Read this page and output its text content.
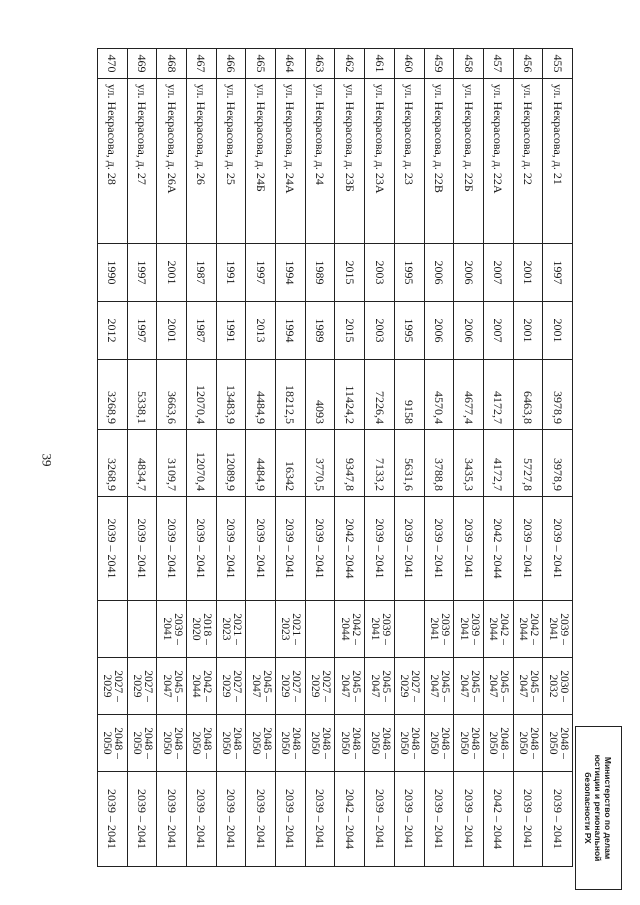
39
455	ул. Некрасова, д. 21	1997	2001	3978,9	3978,9	2039 – 2041	2039 – 2041	2030 – 2032	2048 – 2050	2039 – 2041
456	ул. Некрасова, д. 22	2001	2001	6463,8	5727,8	2039 – 2041	2042 – 2044	2045 – 2047	2048 – 2050	2039 – 2041
457	ул. Некрасова, д. 22А	2007	2007	4172,7	4172,7	2042 – 2044	2042 – 2044	2045 – 2047	2048 – 2050	2042 – 2044
458	ул. Некрасова, д. 22Б	2006	2006	4677,4	3435,3	2039 – 2041	2039 – 2041	2045 – 2047	2048 – 2050	2039 – 2041
459	ул. Некрасова, д. 22В	2006	2006	4570,4	3788,8	2039 – 2041	2039 – 2041	2045 – 2047	2048 – 2050	2039 – 2041
460	ул. Некрасова, д. 23	1995	1995	9158	5631,6	2039 – 2041		2027 – 2029	2048 – 2050	2039 – 2041
461	ул. Некрасова, д. 23А	2003	2003	7226,4	7133,2	2039 – 2041	2039 – 2041	2045 – 2047	2048 – 2050	2039 – 2041
462	ул. Некрасова, д. 23Б	2015	2015	11424,2	9347,8	2042 – 2044	2042 – 2044	2045 – 2047	2048 – 2050	2042 – 2044
463	ул. Некрасова, д. 24	1989	1989	4093	3770,5	2039 – 2041		2027 – 2029	2048 – 2050	2039 – 2041
464	ул. Некрасова, д. 24А	1994	1994	18212,5	16342	2039 – 2041	2021 – 2023	2027 – 2029	2048 – 2050	2039 – 2041
465	ул. Некрасова, д. 24Б	1997	2013	4484,9	4484,9	2039 – 2041		2045 – 2047	2048 – 2050	2039 – 2041
466	ул. Некрасова, д. 25	1991	1991	13483,9	12089,9	2039 – 2041	2021 – 2023	2027 – 2029	2048 – 2050	2039 – 2041
467	ул. Некрасова, д. 26	1987	1987	12070,4	12070,4	2039 – 2041	2018 – 2020	2042 – 2044	2048 – 2050	2039 – 2041
468	ул. Некрасова, д. 26А	2001	2001	3663,6	3109,7	2039 – 2041	2039 – 2041	2045 – 2047	2048 – 2050	2039 – 2041
469	ул. Некрасова, д. 27	1997	1997	5338,1	4834,7	2039 – 2041		2027 – 2029	2048 – 2050	2039 – 2041
470	ул. Некрасова, д. 28	1990	2012	3268,9	3268,9	2039 – 2041		2027 – 2029	2048 – 2050	2039 – 2041	Министерство по делам
юстиции и региональной
безопасности РХ
